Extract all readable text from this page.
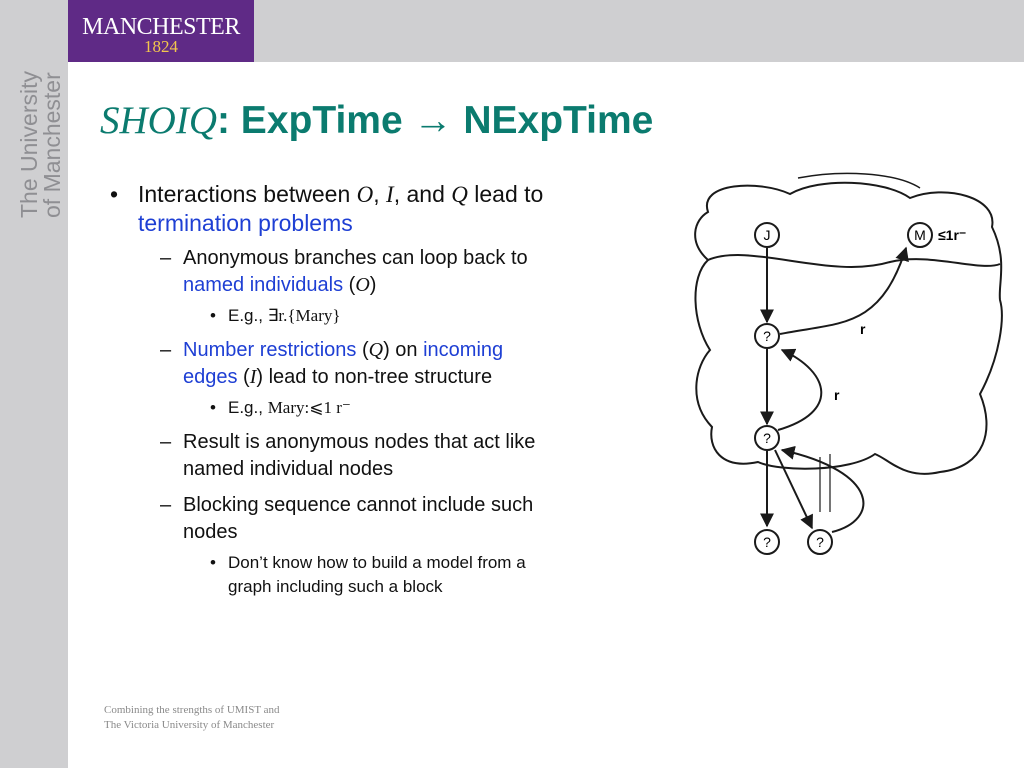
MANCHESTER
1824
The University
of Manchester SHOIQ: ExpTime → NExpTime
• Interactions between O, I, and Q lead to
termination problems
– Anonymous branches can loop back to
named individuals (O)
• E.g., ∃r.{Mary}
– Number restrictions (Q) on incoming
edges (I) lead to non-tree structure
• E.g., Mary:⩽1 r⁻
– Result is anonymous nodes that act like
named individual nodes
– Blocking sequence cannot include such
nodes
• Don’t know how to build a model from a
graph including such a block
J	M ≤1r⁻
?
?
?	?
r
r
Combining the strengths of UMIST and
The Victoria University of Manchester
